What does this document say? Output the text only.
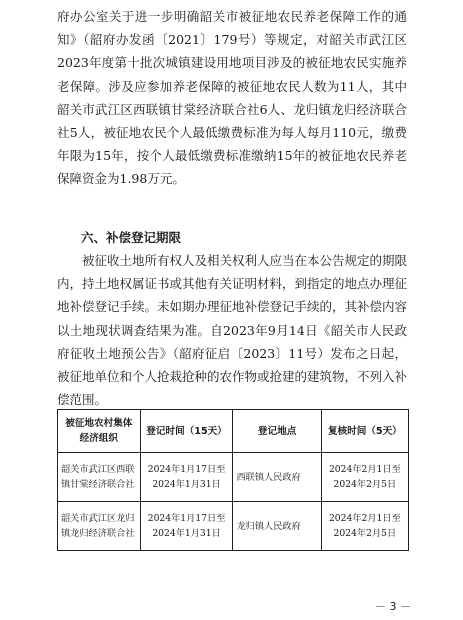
府办公室关于进一步明确韶关市被征地农民养老保障工作的通知》（韶府办发函〔2021〕179号）等规定，对韶关市武江区2023年度第十批次城镇建设用地项目涉及的被征地农民实施养老保障。涉及应参加养老保障的被征地农民人数为11人，其中韶关市武江区西联镇甘棠经济联合社6人、龙归镇龙归经济联合社5人，被征地农民个人最低缴费标准为每人每月110元，缴费年限为15年，按个人最低缴费标准缴纳15年的被征地农民养老保障资金为1.98万元。

六、补偿登记期限

被征收土地所有权人及相关权利人应当在本公告规定的期限内，持土地权属证书或其他有关证明材料，到指定的地点办理征地补偿登记手续。未如期办理征地补偿登记手续的，其补偿内容以土地现状调查结果为准。自2023年9月14日《韶关市人民政府征收土地预公告》（韶府征启〔2023〕11号）发布之日起，被征地单位和个人抢栽抢种的农作物或抢建的建筑物，不列入补偿范围。

被征地农村集体经济组织	登记时间（15天）	登记地点	复核时间（5天）
韶关市武江区西联镇甘棠经济联合社	2024年1月17日至2024年1月31日	西联镇人民政府	2024年2月1日至2024年2月5日
韶关市武江区龙归镇龙归经济联合社	2024年1月17日至2024年1月31日	龙归镇人民政府	2024年2月1日至2024年2月5日
－ 3 －
